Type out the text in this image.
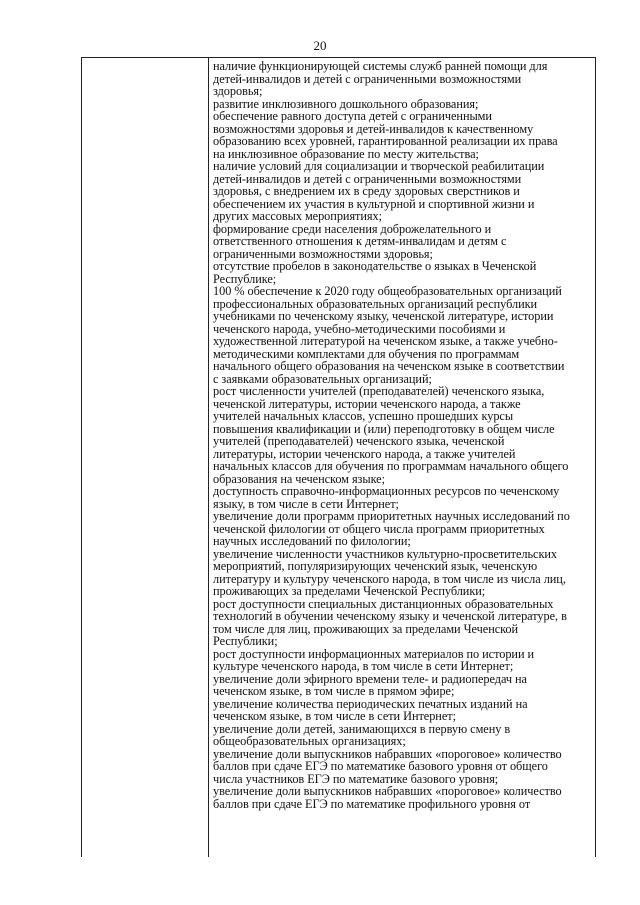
20
наличие функционирующей системы служб ранней помощи для
детей-инвалидов и детей с ограниченными возможностями
здоровья;
развитие инклюзивного дошкольного образования;
обеспечение равного доступа детей с ограниченными
возможностями здоровья и детей-инвалидов к качественному
образованию всех уровней, гарантированной реализации их права
на инклюзивное образование по месту жительства;
наличие условий для социализации и творческой реабилитации
детей-инвалидов и детей с ограниченными возможностями
здоровья, с внедрением их в среду здоровых сверстников и
обеспечением их участия в культурной и спортивной жизни и
других массовых мероприятиях;
формирование среди населения доброжелательного и
ответственного отношения к детям-инвалидам и детям с
ограниченными возможностями здоровья;
отсутствие пробелов в законодательстве о языках в Чеченской
Республике;
100 % обеспечение к 2020 году общеобразовательных организаций
профессиональных образовательных организаций республики
учебниками по чеченскому языку, чеченской литературе, истории
чеченского народа, учебно-методическими пособиями и
художественной литературой на чеченском языке, а также учебно-
методическими комплектами для обучения по программам
начального общего образования на чеченском языке в соответствии
с заявками образовательных организаций;
рост численности учителей (преподавателей) чеченского языка,
чеченской литературы, истории чеченского народа, а также
учителей начальных классов, успешно прошедших курсы
повышения квалификации и (или) переподготовку в общем числе
учителей (преподавателей) чеченского языка, чеченской
литературы, истории чеченского народа, а также учителей
начальных классов для обучения по программам начального общего
образования на чеченском языке;
доступность справочно-информационных ресурсов по чеченскому
языку, в том числе в сети Интернет;
увеличение доли программ приоритетных научных исследований по
чеченской филологии от общего числа программ приоритетных
научных исследований по филологии;
увеличение численности участников культурно-просветительских
мероприятий, популяризирующих чеченский язык, чеченскую
литературу и культуру чеченского народа, в том числе из числа лиц,
проживающих за пределами Чеченской Республики;
рост доступности специальных дистанционных образовательных
технологий в обучении чеченскому языку и чеченской литературе, в
том числе для лиц, проживающих за пределами Чеченской
Республики;
рост доступности информационных материалов по истории и
культуре чеченского народа, в том числе в сети Интернет;
увеличение доли эфирного времени теле- и радиопередач на
чеченском языке, в том числе в прямом эфире;
увеличение количества периодических печатных изданий на
чеченском языке, в том числе в сети Интернет;
увеличение доли детей, занимающихся в первую смену в
общеобразовательных организациях;
увеличение доли выпускников набравших «пороговое» количество
баллов при сдаче ЕГЭ по математике базового уровня от общего
числа участников ЕГЭ по математике базового уровня;
увеличение доли выпускников набравших «пороговое» количество
баллов при сдаче ЕГЭ по математике профильного уровня от
